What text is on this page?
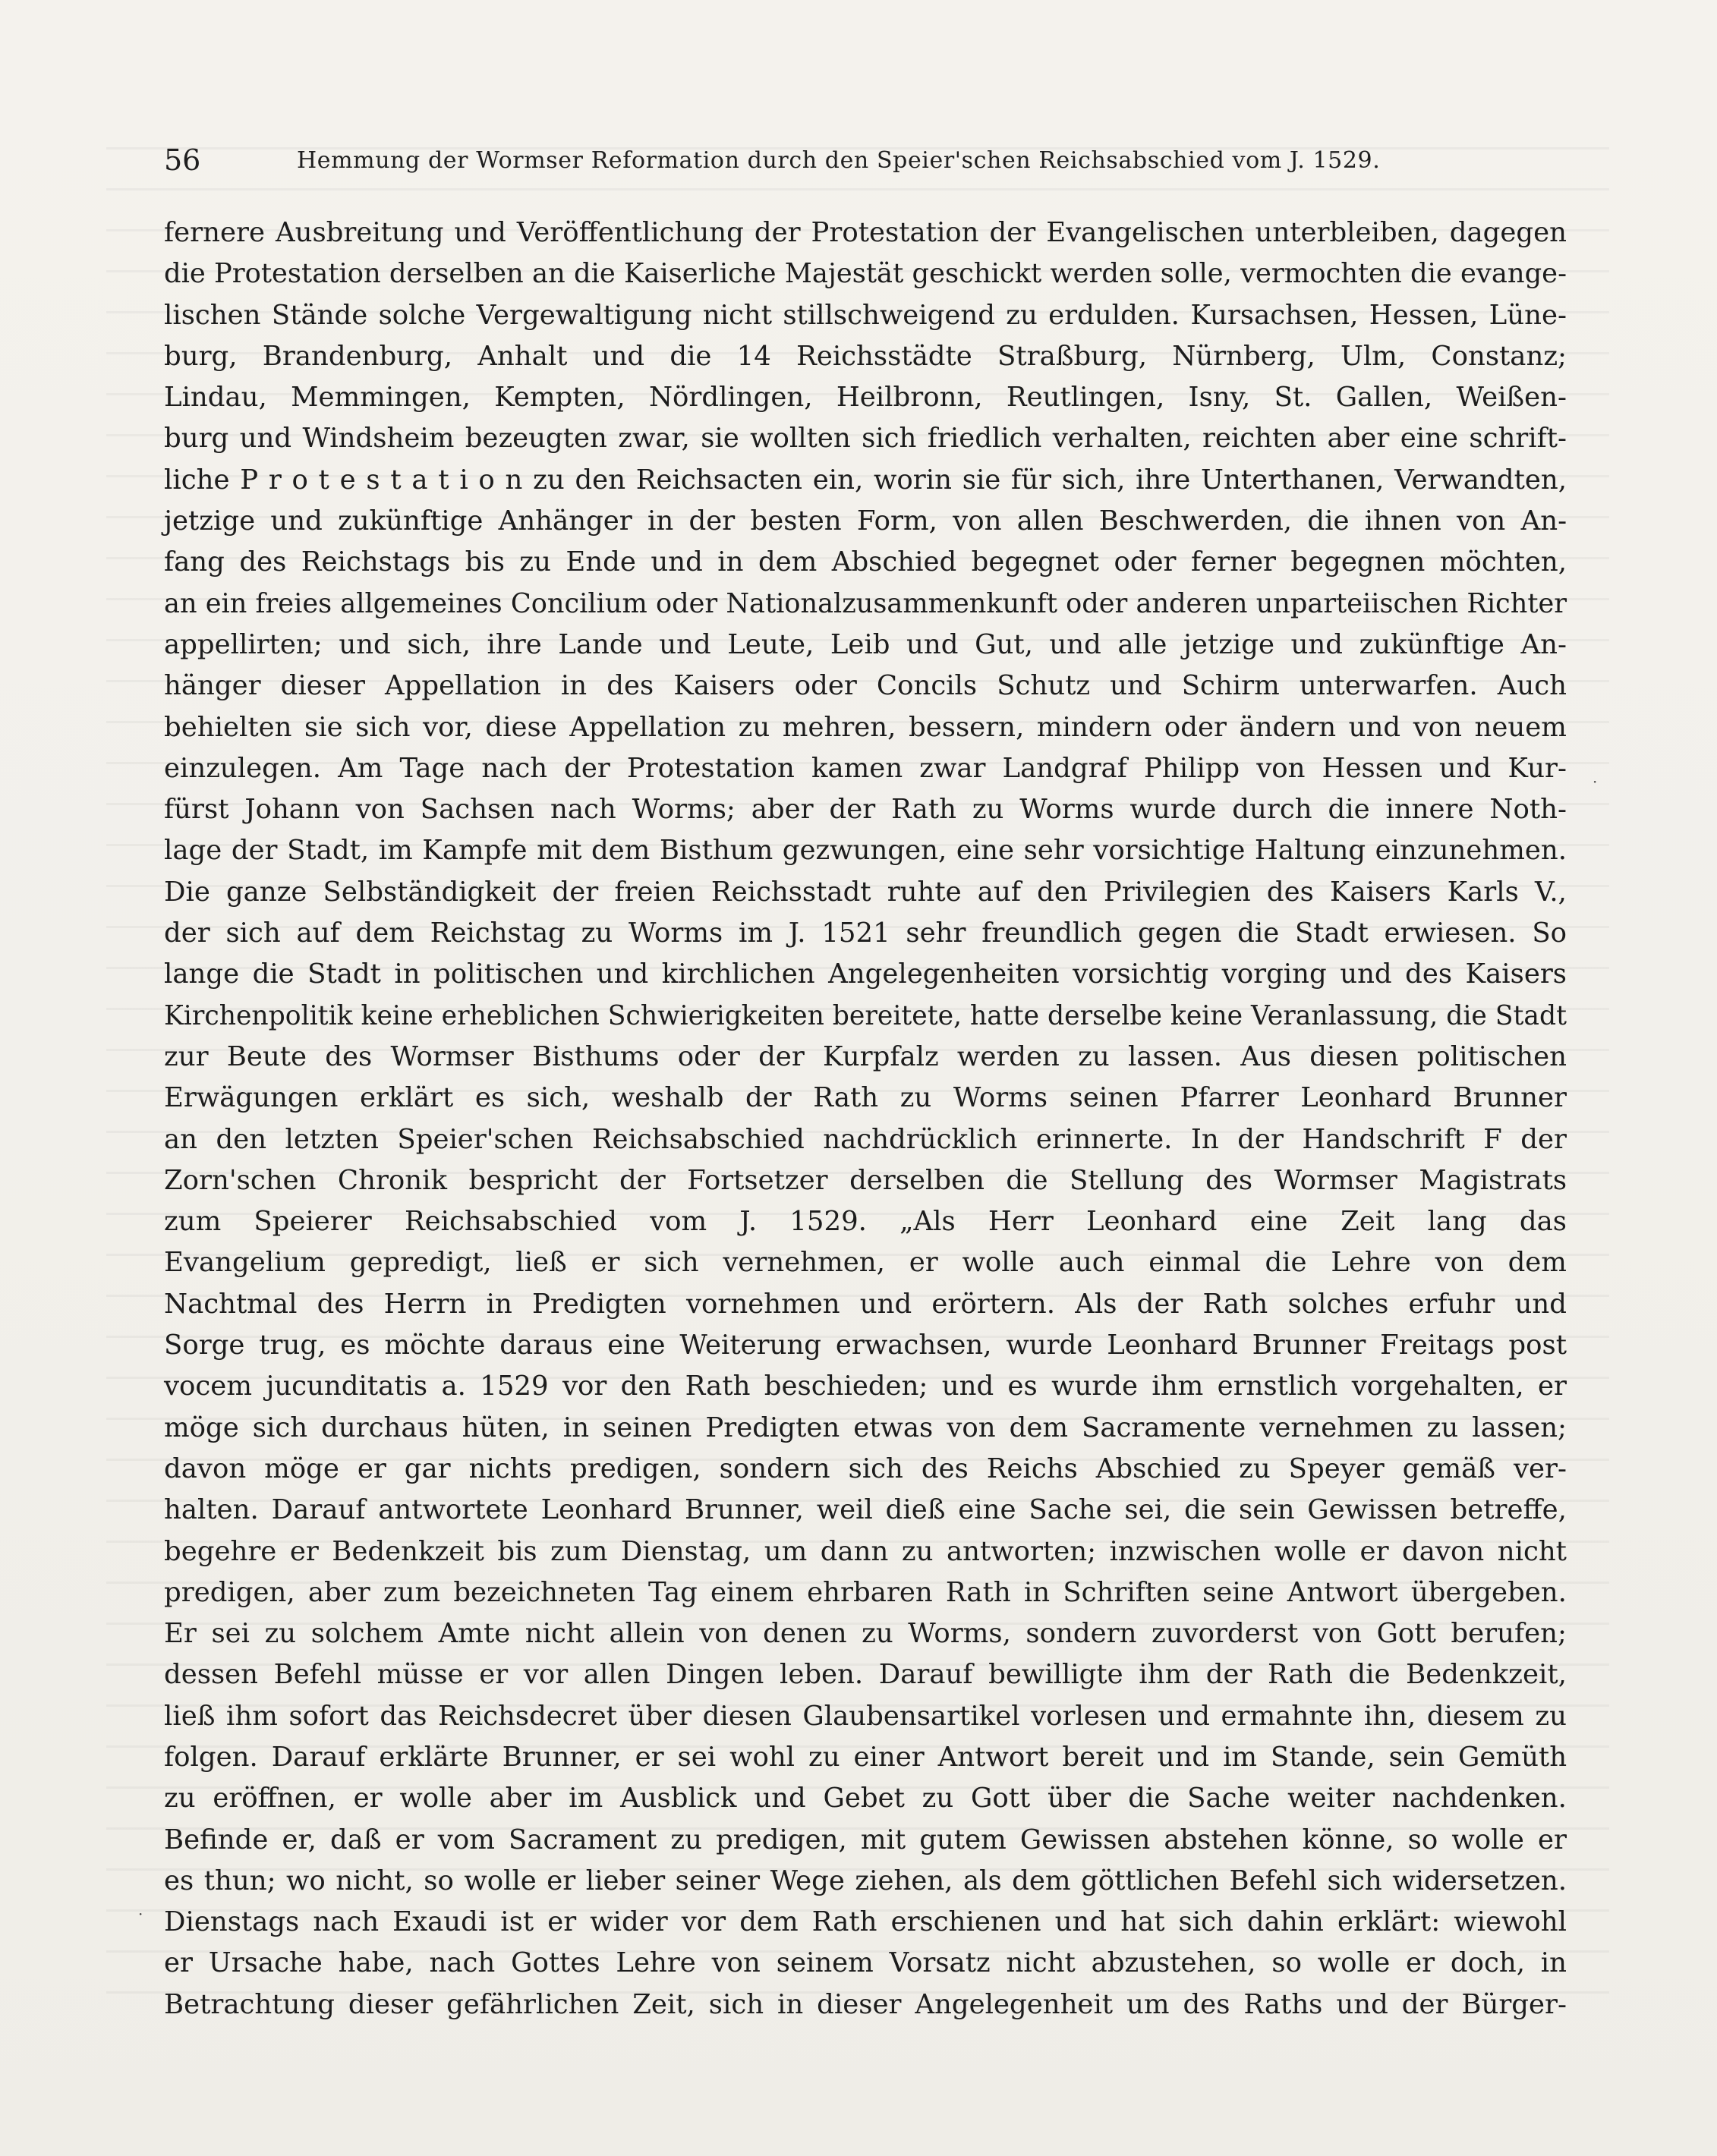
56	Hemmung der Wormser Reformation durch den Speier'schen Reichsabschied vom J. 1529.
fernere Ausbreitung und Veröffentlichung der Protestation der Evangelischen unterbleiben, dagegen
die Protestation derselben an die Kaiserliche Majestät geschickt werden solle, vermochten die evange-
lischen Stände solche Vergewaltigung nicht stillschweigend zu erdulden. Kursachsen, Hessen, Lüne-
burg, Brandenburg, Anhalt und die 14 Reichsstädte Straßburg, Nürnberg, Ulm, Constanz;
Lindau, Memmingen, Kempten, Nördlingen, Heilbronn, Reutlingen, Isny, St. Gallen, Weißen-
burg und Windsheim bezeugten zwar, sie wollten sich friedlich verhalten, reichten aber eine schrift-
liche P r o t e s t a t i o n zu den Reichsacten ein, worin sie für sich, ihre Unterthanen, Verwandten,
jetzige und zukünftige Anhänger in der besten Form, von allen Beschwerden, die ihnen von An-
fang des Reichstags bis zu Ende und in dem Abschied begegnet oder ferner begegnen möchten,
an ein freies allgemeines Concilium oder Nationalzusammenkunft oder anderen unparteiischen Richter
appellirten; und sich, ihre Lande und Leute, Leib und Gut, und alle jetzige und zukünftige An-
hänger dieser Appellation in des Kaisers oder Concils Schutz und Schirm unterwarfen. Auch
behielten sie sich vor, diese Appellation zu mehren, bessern, mindern oder ändern und von neuem
einzulegen. Am Tage nach der Protestation kamen zwar Landgraf Philipp von Hessen und Kur-
fürst Johann von Sachsen nach Worms; aber der Rath zu Worms wurde durch die innere Noth-
lage der Stadt, im Kampfe mit dem Bisthum gezwungen, eine sehr vorsichtige Haltung einzunehmen.
Die ganze Selbständigkeit der freien Reichsstadt ruhte auf den Privilegien des Kaisers Karls V.,
der sich auf dem Reichstag zu Worms im J. 1521 sehr freundlich gegen die Stadt erwiesen. So
lange die Stadt in politischen und kirchlichen Angelegenheiten vorsichtig vorging und des Kaisers
Kirchenpolitik keine erheblichen Schwierigkeiten bereitete, hatte derselbe keine Veranlassung, die Stadt
zur Beute des Wormser Bisthums oder der Kurpfalz werden zu lassen. Aus diesen politischen
Erwägungen erklärt es sich, weshalb der Rath zu Worms seinen Pfarrer Leonhard Brunner
an den letzten Speier'schen Reichsabschied nachdrücklich erinnerte. In der Handschrift F der
Zorn'schen Chronik bespricht der Fortsetzer derselben die Stellung des Wormser Magistrats
zum Speierer Reichsabschied vom J. 1529. „Als Herr Leonhard eine Zeit lang das
Evangelium gepredigt, ließ er sich vernehmen, er wolle auch einmal die Lehre von dem
Nachtmal des Herrn in Predigten vornehmen und erörtern. Als der Rath solches erfuhr und
Sorge trug, es möchte daraus eine Weiterung erwachsen, wurde Leonhard Brunner Freitags post
vocem jucunditatis a. 1529 vor den Rath beschieden; und es wurde ihm ernstlich vorgehalten, er
möge sich durchaus hüten, in seinen Predigten etwas von dem Sacramente vernehmen zu lassen;
davon möge er gar nichts predigen, sondern sich des Reichs Abschied zu Speyer gemäß ver-
halten. Darauf antwortete Leonhard Brunner, weil dieß eine Sache sei, die sein Gewissen betreffe,
begehre er Bedenkzeit bis zum Dienstag, um dann zu antworten; inzwischen wolle er davon nicht
predigen, aber zum bezeichneten Tag einem ehrbaren Rath in Schriften seine Antwort übergeben.
Er sei zu solchem Amte nicht allein von denen zu Worms, sondern zuvorderst von Gott berufen;
dessen Befehl müsse er vor allen Dingen leben. Darauf bewilligte ihm der Rath die Bedenkzeit,
ließ ihm sofort das Reichsdecret über diesen Glaubensartikel vorlesen und ermahnte ihn, diesem zu
folgen. Darauf erklärte Brunner, er sei wohl zu einer Antwort bereit und im Stande, sein Gemüth
zu eröffnen, er wolle aber im Ausblick und Gebet zu Gott über die Sache weiter nachdenken.
Befinde er, daß er vom Sacrament zu predigen, mit gutem Gewissen abstehen könne, so wolle er
es thun; wo nicht, so wolle er lieber seiner Wege ziehen, als dem göttlichen Befehl sich widersetzen.
Dienstags nach Exaudi ist er wider vor dem Rath erschienen und hat sich dahin erklärt: wiewohl
er Ursache habe, nach Gottes Lehre von seinem Vorsatz nicht abzustehen, so wolle er doch, in
Betrachtung dieser gefährlichen Zeit, sich in dieser Angelegenheit um des Raths und der Bürger-
·
·
